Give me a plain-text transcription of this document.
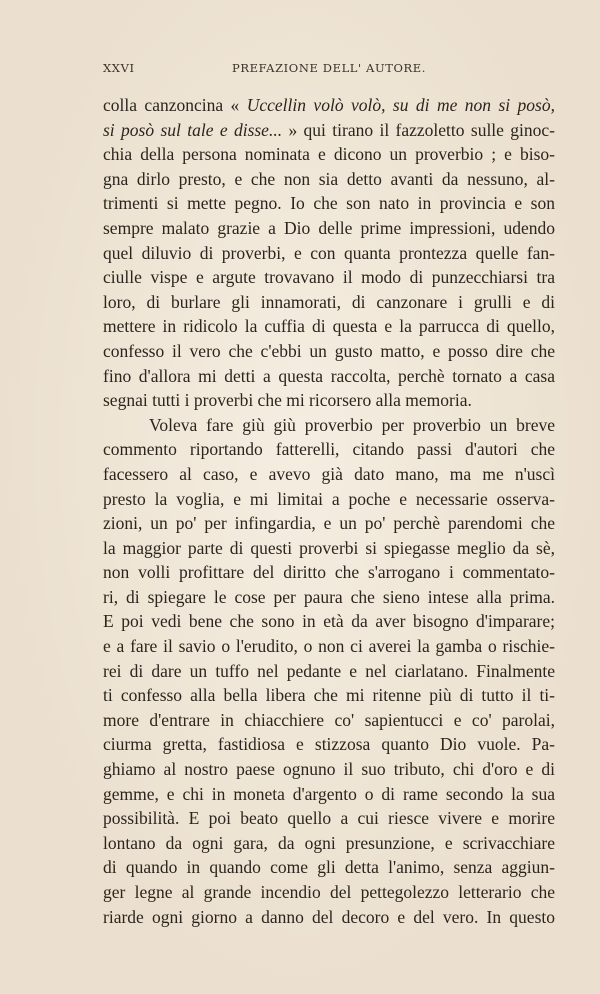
XXVI	PREFAZIONE DELL' AUTORE.
colla canzoncina « Uccellin volò volò, su di me non si posò,
si posò sul tale e disse... » qui tirano il fazzoletto sulle ginoc-
chia della persona nominata e dicono un proverbio ; e biso-
gna dirlo presto, e che non sia detto avanti da nessuno, al-
trimenti si mette pegno. Io che son nato in provincia e son
sempre malato grazie a Dio delle prime impressioni, udendo
quel diluvio di proverbi, e con quanta prontezza quelle fan-
ciulle vispe e argute trovavano il modo di punzecchiarsi tra
loro, di burlare gli innamorati, di canzonare i grulli e di
mettere in ridicolo la cuffia di questa e la parrucca di quello,
confesso il vero che c'ebbi un gusto matto, e posso dire che
fino d'allora mi detti a questa raccolta, perchè tornato a casa
segnai tutti i proverbi che mi ricorsero alla memoria.
Voleva fare giù giù proverbio per proverbio un breve
commento riportando fatterelli, citando passi d'autori che
facessero al caso, e avevo già dato mano, ma me n'uscì
presto la voglia, e mi limitai a poche e necessarie osserva-
zioni, un po' per infingardia, e un po' perchè parendomi che
la maggior parte di questi proverbi si spiegasse meglio da sè,
non volli profittare del diritto che s'arrogano i commentato-
ri, di spiegare le cose per paura che sieno intese alla prima.
E poi vedi bene che sono in età da aver bisogno d'imparare;
e a fare il savio o l'erudito, o non ci averei la gamba o rischie-
rei di dare un tuffo nel pedante e nel ciarlatano. Finalmente
ti confesso alla bella libera che mi ritenne più di tutto il ti-
more d'entrare in chiacchiere co' sapientucci e co' parolai,
ciurma gretta, fastidiosa e stizzosa quanto Dio vuole. Pa-
ghiamo al nostro paese ognuno il suo tributo, chi d'oro e di
gemme, e chi in moneta d'argento o di rame secondo la sua
possibilità. E poi beato quello a cui riesce vivere e morire
lontano da ogni gara, da ogni presunzione, e scrivacchiare
di quando in quando come gli detta l'animo, senza aggiun-
ger legne al grande incendio del pettegolezzo letterario che
riarde ogni giorno a danno del decoro e del vero. In questo
